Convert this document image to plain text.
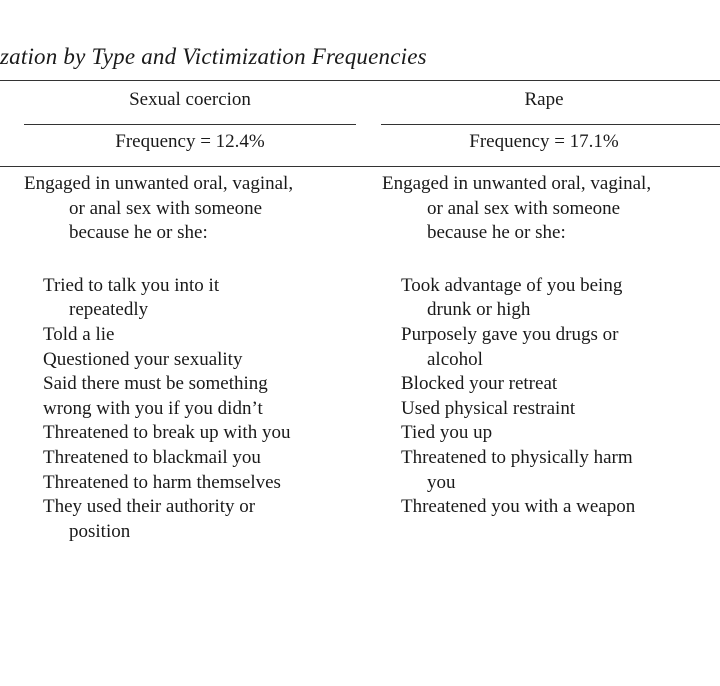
zation by Type and Victimization Frequencies
Sexual coercion	Rape
Frequency = 12.4%	Frequency = 17.1%

Engaged in unwanted oral, vaginal,
or anal sex with someone
because he or she:

Tried to talk you into it
repeatedly
Told a lie
Questioned your sexuality
Said there must be something
wrong with you if you didn’t
Threatened to break up with you
Threatened to blackmail you
Threatened to harm themselves
They used their authority or
position

Engaged in unwanted oral, vaginal,
or anal sex with someone
because he or she:

Took advantage of you being
drunk or high
Purposely gave you drugs or
alcohol
Blocked your retreat
Used physical restraint
Tied you up
Threatened to physically harm
you
Threatened you with a weapon
